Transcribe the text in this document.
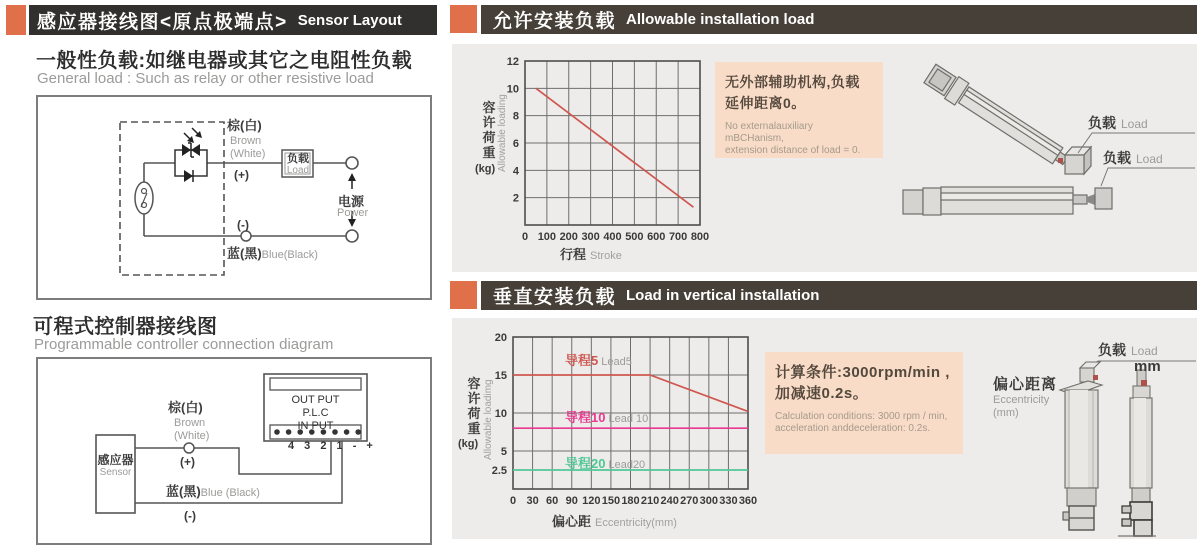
感应器接线图<原点极端点> Sensor Layout
一般性负载:如继电器或其它之电阻性负载
General load : Such as relay or other resistive load
棕(白)
Brown
(White)
(+)
负载
Load
电源
Power
(-)
蓝(黑)Blue(Black)
可程式控制器接线图
Programmable controller connection diagram
感应器
Sensor
OUT PUT
P.L.C
IN PUT
4 3 2 1 - +
棕(白)
Brown
(White)
(+)
蓝(黑)Blue (Black)
(-)
允许安装负载 Allowable installation load
0 100 200 300 400 500 600 700 800
2
4
6
8
10
12
容许荷重
(kg) Allowable loading
行程 Stroke
无外部辅助机构,负载
延伸距离0。
No externalauxiliary mBCHanism,
extension distance of load = 0.
负载 Load
负载 Load
垂直安装负载 Load in vertical installation
0 30 60 90 120 150 180 210 240 270 300 330 360
2.5
5
10
15
20
容许荷重
(kg) Allowable loadimg
偏心距 Eccentricity(mm)
导程5 Lead5
导程10 Lead 10
导程20 Lead20
计算条件:3000rpm/min ,
加减速0.2s。
Calculation conditions: 3000 rpm / min,
acceleration anddeceleration: 0.2s.
负载 Load
mm
偏心距离
Eccentricity
(mm)
